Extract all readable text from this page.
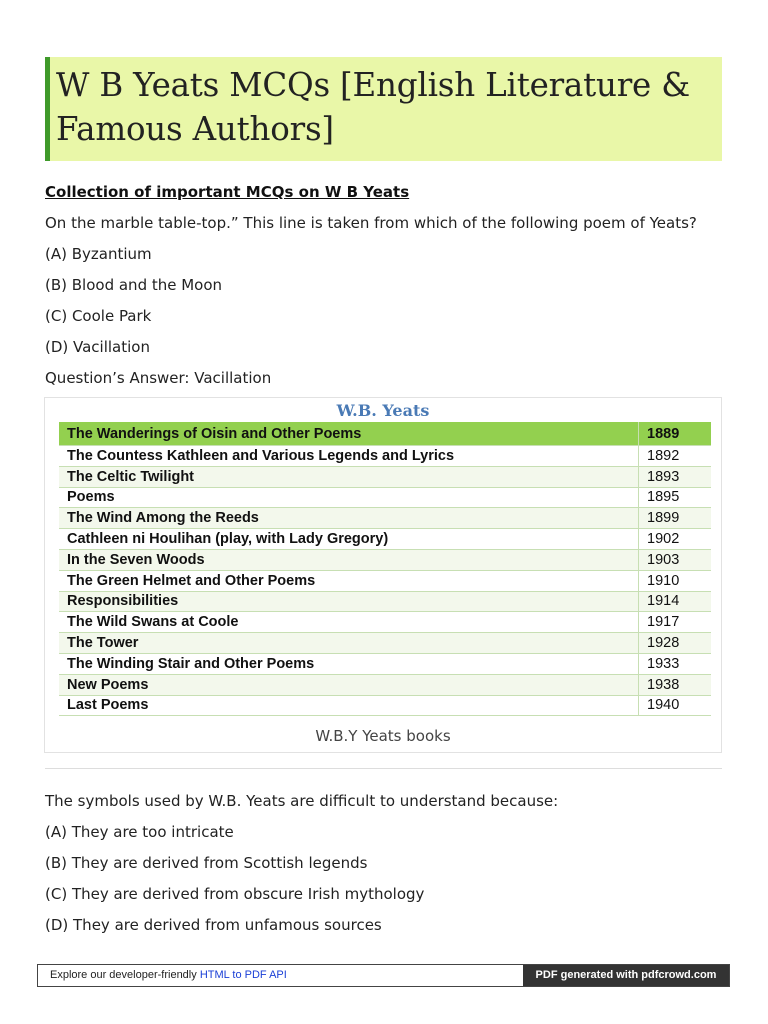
W B Yeats MCQs [English Literature & Famous Authors]
Collection of important MCQs on W B Yeats
On the marble table-top.” This line is taken from which of the following poem of Yeats?
(A) Byzantium
(B) Blood and the Moon
(C) Coole Park
(D) Vacillation
Question’s Answer: Vacillation
W.B. Yeats
The Wanderings of Oisin and Other Poems	1889
The Countess Kathleen and Various Legends and Lyrics	1892
The Celtic Twilight	1893
Poems	1895
The Wind Among the Reeds	1899
Cathleen ni Houlihan (play, with Lady Gregory)	1902
In the Seven Woods	1903
The Green Helmet and Other Poems	1910
Responsibilities	1914
The Wild Swans at Coole	1917
The Tower	1928
The Winding Stair and Other Poems	1933
New Poems	1938
Last Poems	1940
W.B.Y Yeats books
The symbols used by W.B. Yeats are difficult to understand because:
(A) They are too intricate
(B) They are derived from Scottish legends
(C) They are derived from obscure Irish mythology
(D) They are derived from unfamous sources
Explore our developer-friendly HTML to PDF API	PDF generated with pdfcrowd.com
